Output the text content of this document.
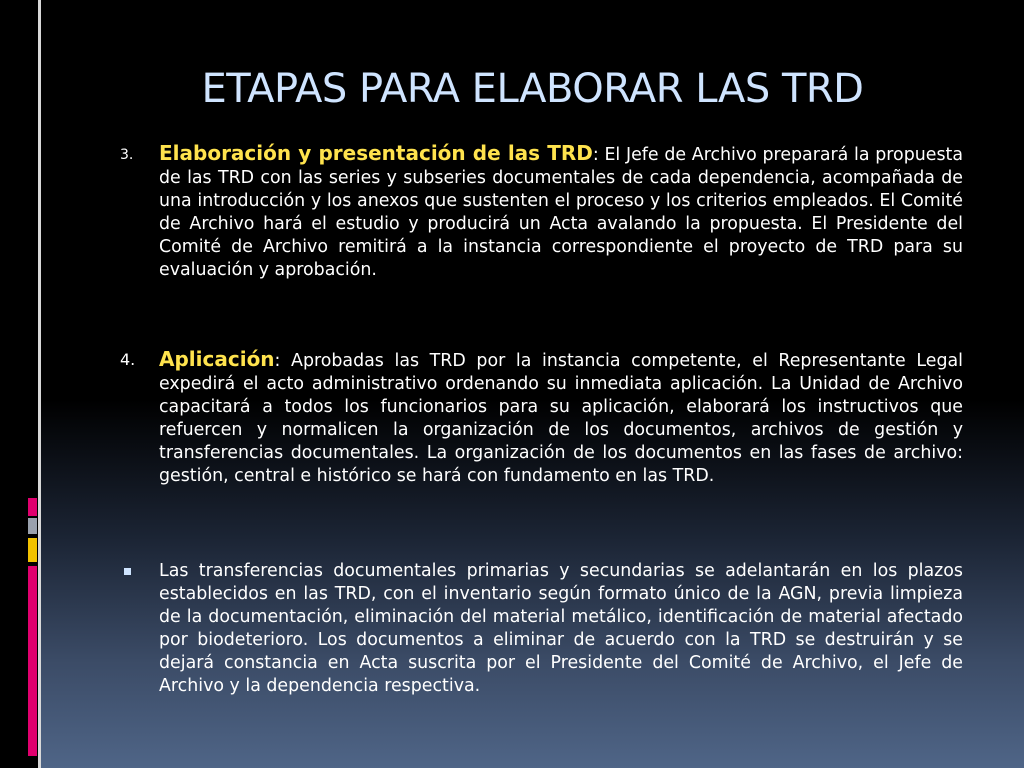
ETAPAS PARA ELABORAR LAS TRD
3.	Elaboración y presentación de las TRD: El Jefe de Archivo preparará la propuesta de las TRD con las series y subseries documentales de cada dependencia, acompañada de una introducción y los anexos que sustenten el proceso y los criterios empleados. El Comité de Archivo hará el estudio y producirá un Acta avalando la propuesta. El Presidente del Comité de Archivo remitirá a la instancia correspondiente el proyecto de TRD para su evaluación y aprobación.
4.	Aplicación: Aprobadas las TRD por la instancia competente, el Representante Legal expedirá el acto administrativo ordenando su inmediata aplicación. La Unidad de Archivo capacitará a todos los funcionarios para su aplicación, elaborará los instructivos que refuercen y normalicen la organización de los documentos, archivos de gestión y transferencias documentales. La organización de los documentos en las fases de archivo: gestión, central e histórico se hará con fundamento en las TRD.
Las transferencias documentales primarias y secundarias se adelantarán en los plazos establecidos en las TRD, con el inventario según formato único de la AGN, previa limpieza de la documentación, eliminación del material metálico, identificación de material afectado por biodeterioro. Los documentos a eliminar de acuerdo con la TRD se destruirán y se dejará constancia en Acta suscrita por el Presidente del Comité de Archivo, el Jefe de Archivo y la dependencia respectiva.
